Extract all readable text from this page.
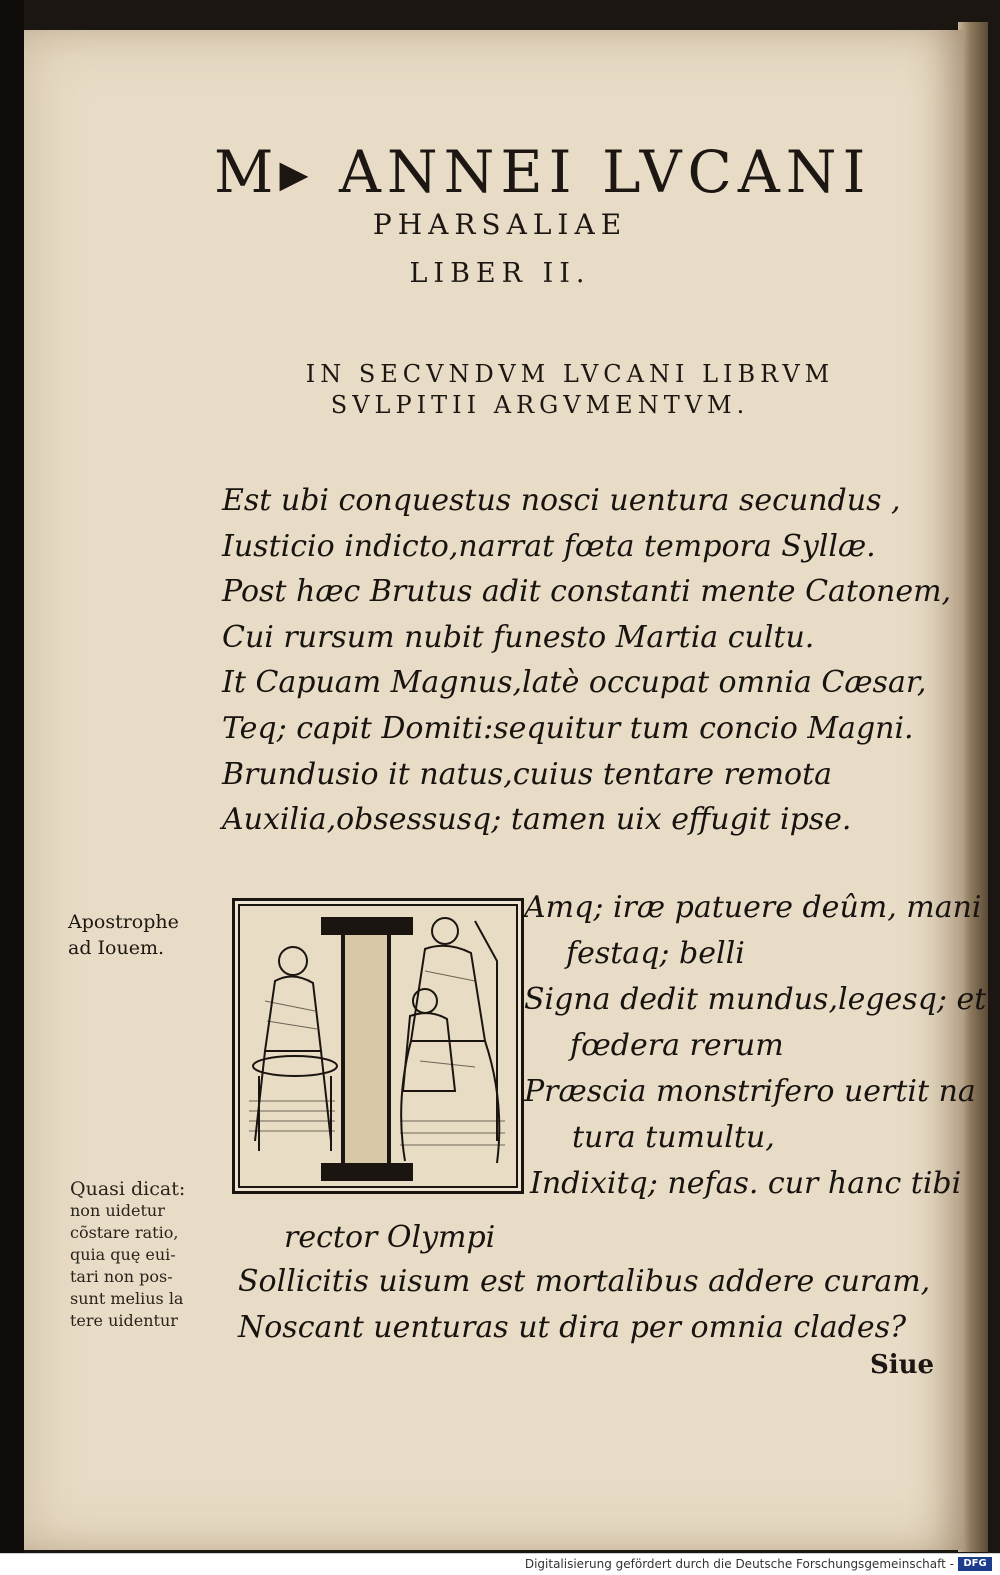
M▸ ANNEI LVCANI
PHARSALIAE
LIBER II.
IN SECVNDVM LVCANI LIBRVM
SVLPITII ARGVMENTVM.
Est ubi conquestus nosci uentura secundus ,
Iusticio indicto,narrat fœta tempora Syllæ.
Post hæc Brutus adit constanti mente Catonem,
Cui rursum nubit funesto Martia cultu.
It Capuam Magnus,latè occupat omnia Cæsar,
Teq; capit Domiti:sequitur tum concio Magni.
Brundusio it natus,cuius tentare remota
Auxilia,obsessusq; tamen uix effugit ipse.
Apostrophe
ad Iouem.
Amq; iræ patuere deûm, mani
festaq; belli
Signa dedit mundus,legesq; et
fœdera rerum
Præscia monstrifero uertit na
tura tumultu,
Indixitq; nefas. cur hanc tibi
rector Olympi
Sollicitis uisum est mortalibus addere curam,
Noscant uenturas ut dira per omnia clades?
Quasi dicat:
non uidetur
cõstare ratio,
quia quę eui-
tari non pos-
sunt melius la
tere uidentur
Siue
Digitalisierung gefördert durch die Deutsche Forschungsgemeinschaft - DFG
